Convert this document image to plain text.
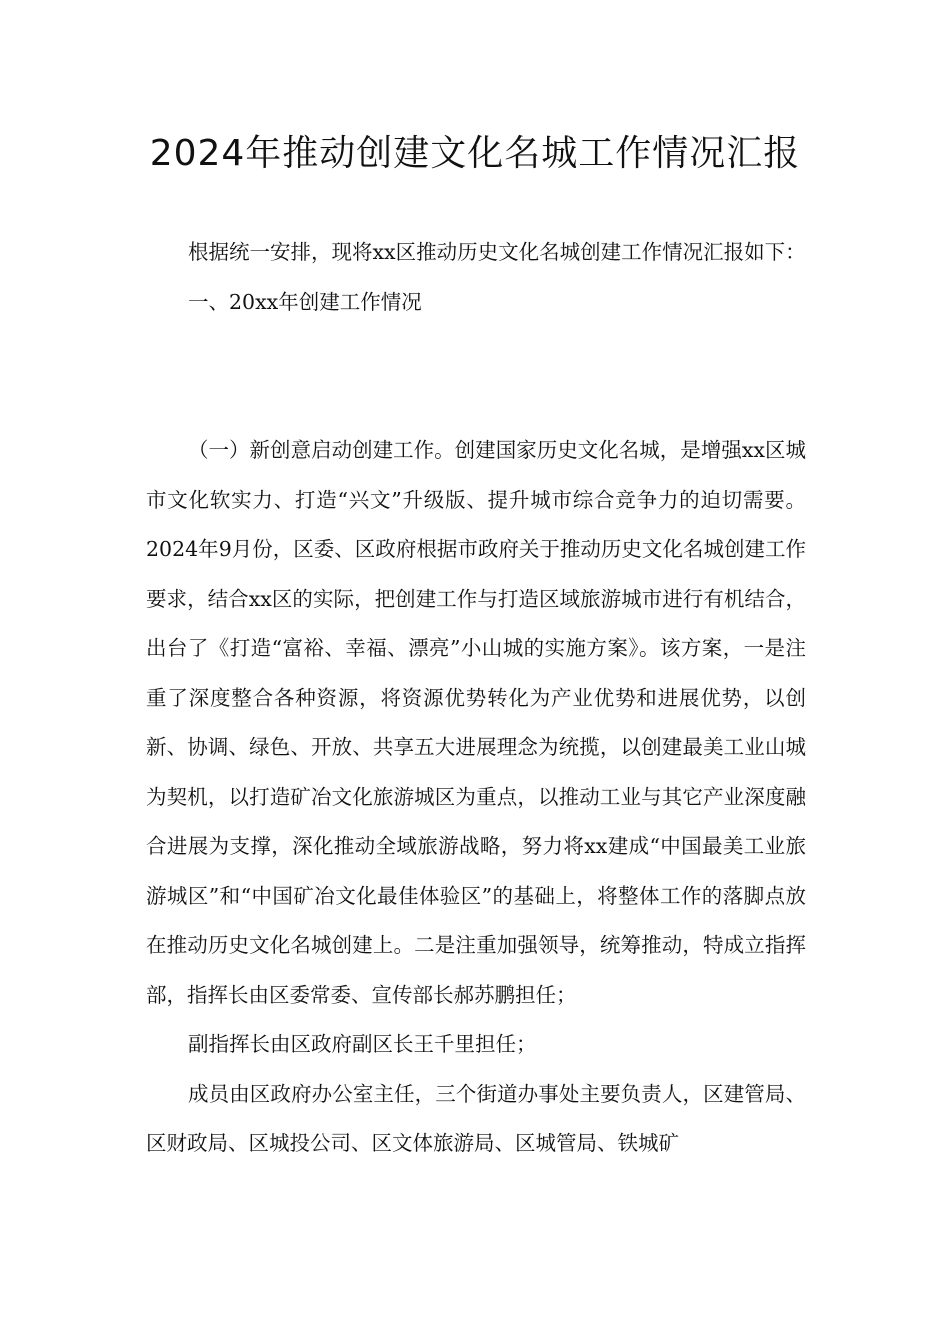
2024年推动创建文化名城工作情况汇报

根据统一安排，现将xx区推动历史文化名城创建工作情况汇报如下：

一、20xx年创建工作情况

（一）新创意启动创建工作。创建国家历史文化名城，是增强xx区城市文化软实力、打造“兴文”升级版、提升城市综合竞争力的迫切需要。2024年9月份，区委、区政府根据市政府关于推动历史文化名城创建工作要求，结合xx区的实际，把创建工作与打造区域旅游城市进行有机结合，出台了《打造“富裕、幸福、漂亮”小山城的实施方案》。该方案，一是注重了深度整合各种资源，将资源优势转化为产业优势和进展优势，以创新、协调、绿色、开放、共享五大进展理念为统揽，以创建最美工业山城为契机，以打造矿冶文化旅游城区为重点，以推动工业与其它产业深度融合进展为支撑，深化推动全域旅游战略，努力将xx建成“中国最美工业旅游城区”和“中国矿冶文化最佳体验区”的基础上，将整体工作的落脚点放在推动历史文化名城创建上。二是注重加强领导，统筹推动，特成立指挥部，指挥长由区委常委、宣传部长郝苏鹏担任；

副指挥长由区政府副区长王千里担任；

成员由区政府办公室主任，三个街道办事处主要负责人，区建管局、区财政局、区城投公司、区文体旅游局、区城管局、铁城矿
